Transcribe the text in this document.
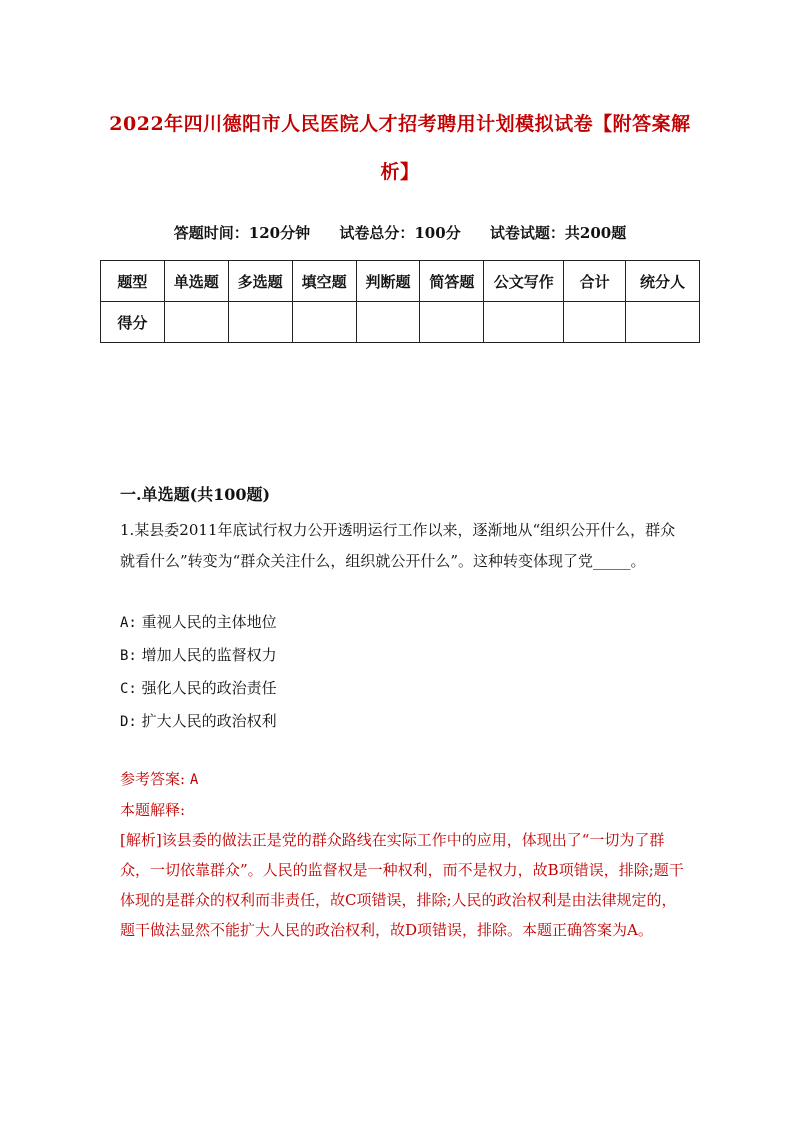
2022年四川德阳市人民医院人才招考聘用计划模拟试卷【附答案解
析】
答题时间：120分钟 试卷总分：100分 试卷试题：共200题
题型	单选题	多选题	填空题	判断题	简答题	公文写作	合计	统分人
得分								
一.单选题(共100题)
1.某县委2011年底试行权力公开透明运行工作以来，逐渐地从“组织公开什么，群众就看什么”转变为“群众关注什么，组织就公开什么”。这种转变体现了党_____。
A: 重视人民的主体地位
B: 增加人民的监督权力
C: 强化人民的政治责任
D: 扩大人民的政治权利
参考答案: A
本题解释:
[解析]该县委的做法正是党的群众路线在实际工作中的应用，体现出了“一切为了群众，一切依靠群众”。人民的监督权是一种权利，而不是权力，故B项错误，排除;题干体现的是群众的权利而非责任，故C项错误，排除;人民的政治权利是由法律规定的，题干做法显然不能扩大人民的政治权利，故D项错误，排除。本题正确答案为A。
